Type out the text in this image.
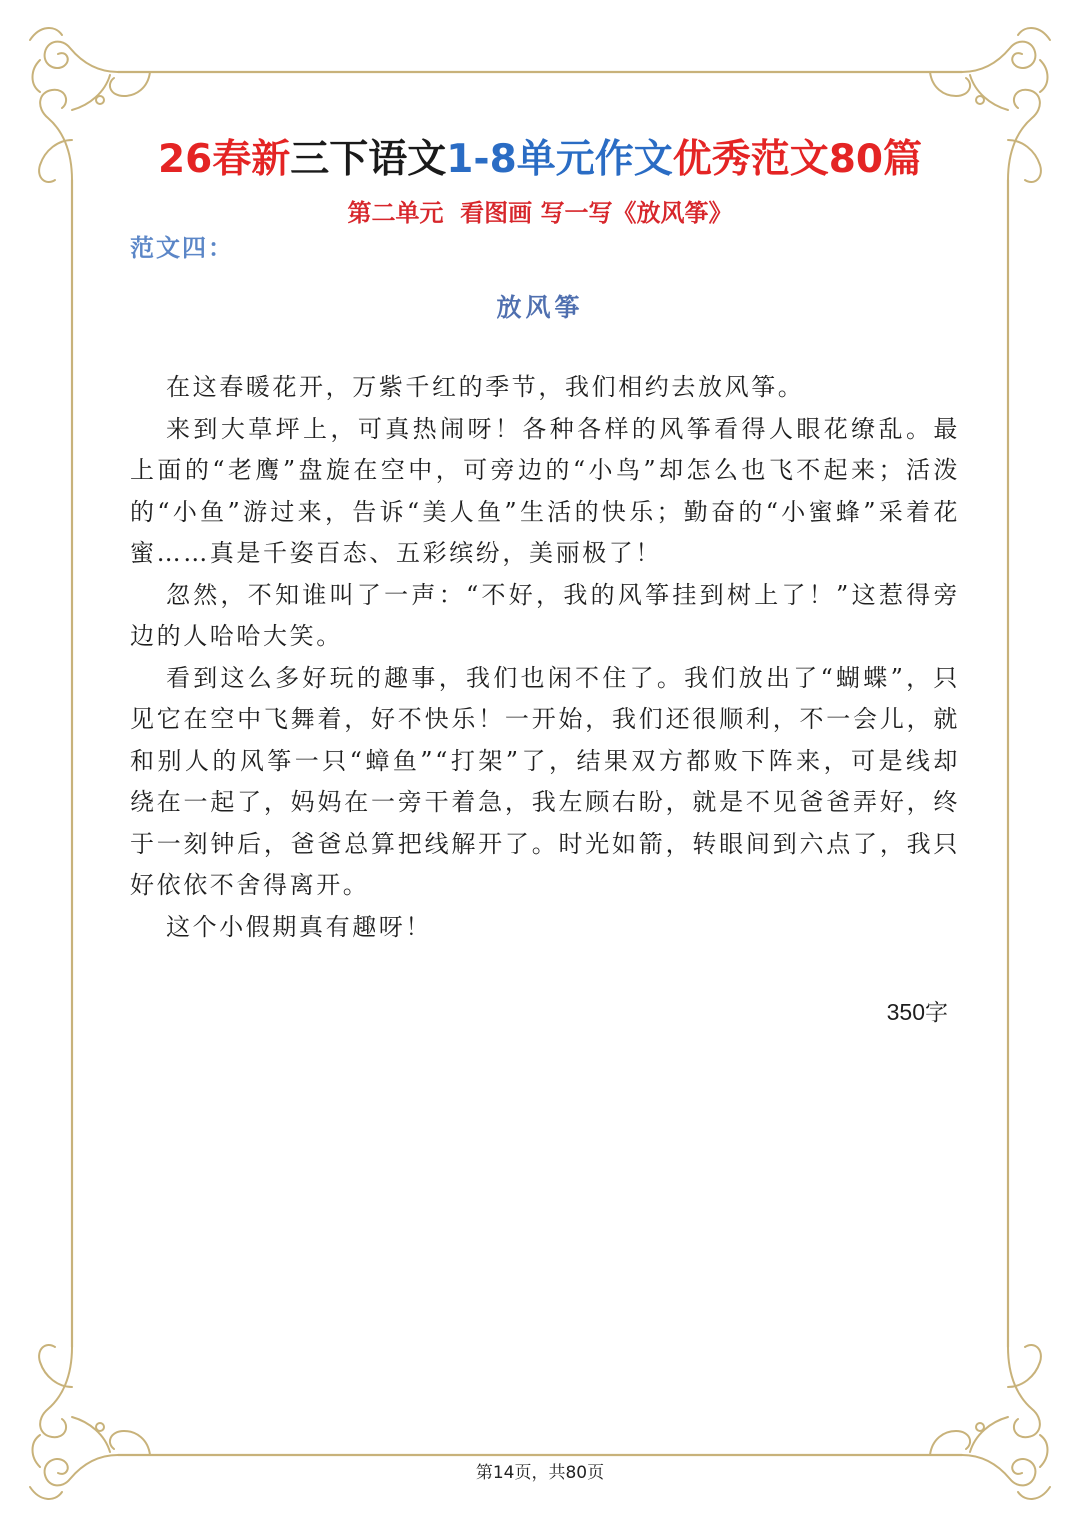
26春新三下语文1-8单元作文优秀范文80篇
第二单元  看图画 写一写《放风筝》
范文四：
放风筝

在这春暖花开，万紫千红的季节，我们相约去放风筝。

来到大草坪上，可真热闹呀！各种各样的风筝看得人眼花缭乱。最上面的“老鹰”盘旋在空中，可旁边的“小鸟”却怎么也飞不起来；活泼的“小鱼”游过来，告诉“美人鱼”生活的快乐；勤奋的“小蜜蜂”采着花蜜……真是千姿百态、五彩缤纷，美丽极了！

忽然，不知谁叫了一声：“不好，我的风筝挂到树上了！”这惹得旁边的人哈哈大笑。

看到这么多好玩的趣事，我们也闲不住了。我们放出了“蝴蝶”，只见它在空中飞舞着，好不快乐！一开始，我们还很顺利，不一会儿，就和别人的风筝一只“蟑鱼”“打架”了，结果双方都败下阵来，可是线却绕在一起了，妈妈在一旁干着急，我左顾右盼，就是不见爸爸弄好，终于一刻钟后，爸爸总算把线解开了。时光如箭，转眼间到六点了，我只好依依不舍得离开。

这个小假期真有趣呀！

350字
第14页，共80页
